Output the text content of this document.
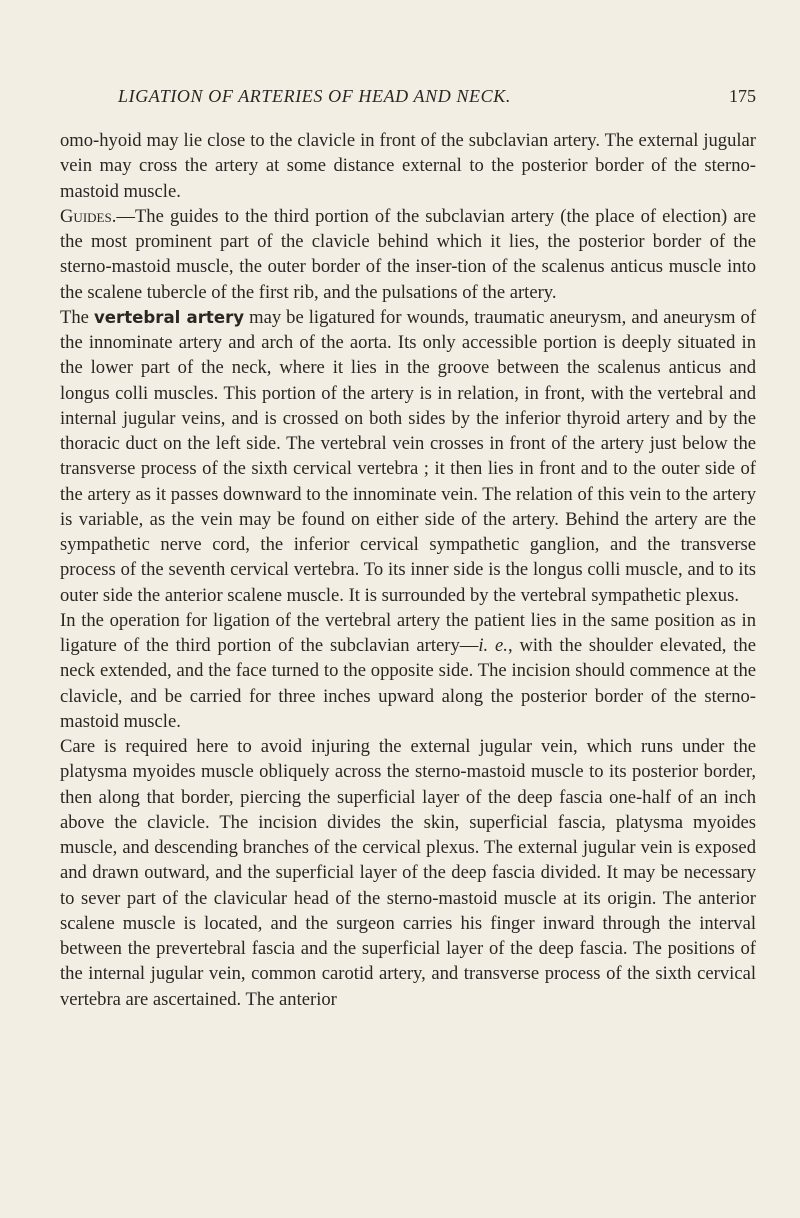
LIGATION OF ARTERIES OF HEAD AND NECK.	175

omo-hyoid may lie close to the clavicle in front of the subclavian artery. The external jugular vein may cross the artery at some distance external to the posterior border of the sterno-mastoid muscle.

Guides.—The guides to the third portion of the subclavian artery (the place of election) are the most prominent part of the clavicle behind which it lies, the posterior border of the sterno-mastoid muscle, the outer border of the inser-tion of the scalenus anticus muscle into the scalene tubercle of the first rib, and the pulsations of the artery.

The vertebral artery may be ligatured for wounds, traumatic aneurysm, and aneurysm of the innominate artery and arch of the aorta. Its only accessible portion is deeply situated in the lower part of the neck, where it lies in the groove between the scalenus anticus and longus colli muscles. This portion of the artery is in relation, in front, with the vertebral and internal jugular veins, and is crossed on both sides by the inferior thyroid artery and by the thoracic duct on the left side. The vertebral vein crosses in front of the artery just below the transverse process of the sixth cervical vertebra ; it then lies in front and to the outer side of the artery as it passes downward to the innominate vein. The relation of this vein to the artery is variable, as the vein may be found on either side of the artery. Behind the artery are the sympathetic nerve cord, the inferior cervical sympathetic ganglion, and the transverse process of the seventh cervical vertebra. To its inner side is the longus colli muscle, and to its outer side the anterior scalene muscle. It is surrounded by the vertebral sympathetic plexus.

In the operation for ligation of the vertebral artery the patient lies in the same position as in ligature of the third portion of the subclavian artery—i. e., with the shoulder elevated, the neck extended, and the face turned to the opposite side. The incision should commence at the clavicle, and be carried for three inches upward along the posterior border of the sterno-mastoid muscle.

Care is required here to avoid injuring the external jugular vein, which runs under the platysma myoides muscle obliquely across the sterno-mastoid muscle to its posterior border, then along that border, piercing the superficial layer of the deep fascia one-half of an inch above the clavicle. The incision divides the skin, superficial fascia, platysma myoides muscle, and descending branches of the cervical plexus. The external jugular vein is exposed and drawn outward, and the superficial layer of the deep fascia divided. It may be necessary to sever part of the clavicular head of the sterno-mastoid muscle at its origin. The anterior scalene muscle is located, and the surgeon carries his finger inward through the interval between the prevertebral fascia and the superficial layer of the deep fascia. The positions of the internal jugular vein, common carotid artery, and transverse process of the sixth cervical vertebra are ascertained. The anterior
